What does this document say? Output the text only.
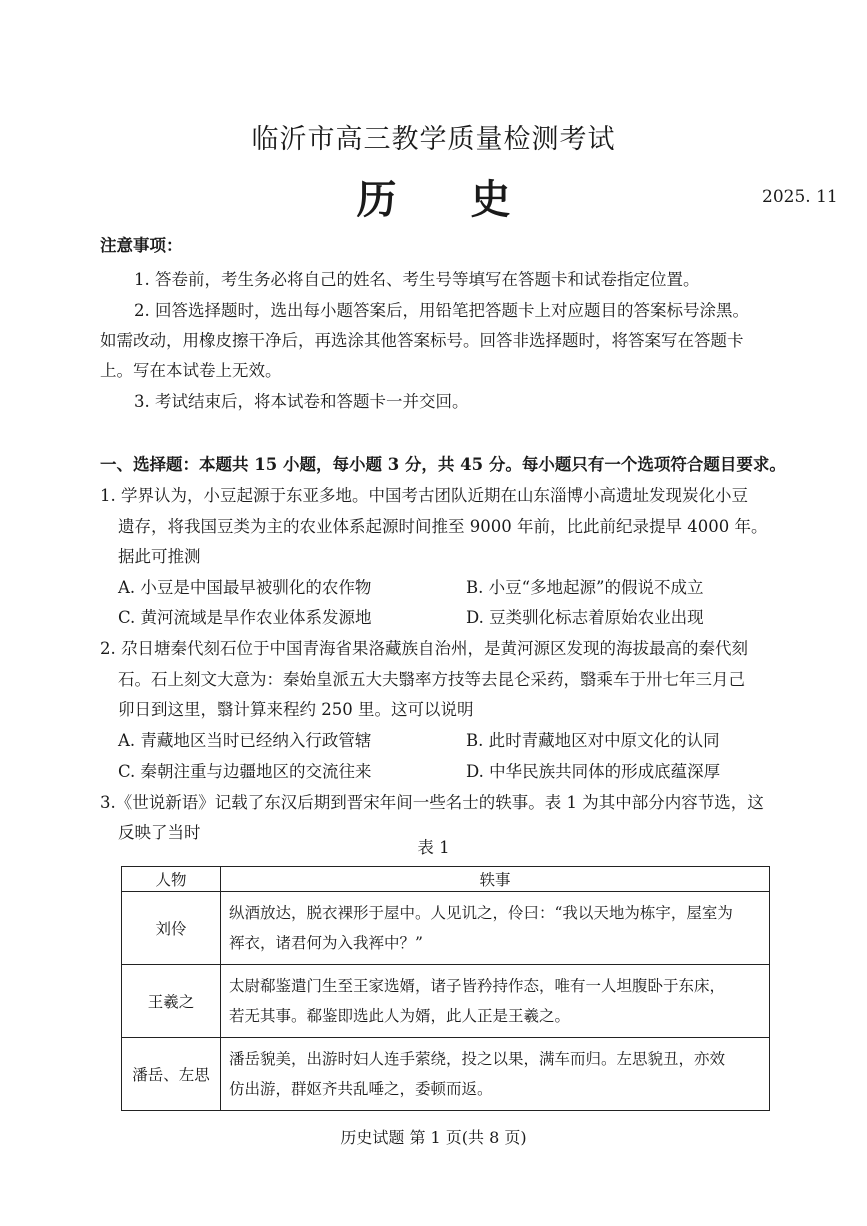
临沂市高三教学质量检测考试
历 史	2025. 11
注意事项：
1. 答卷前，考生务必将自己的姓名、考生号等填写在答题卡和试卷指定位置。
2. 回答选择题时，选出每小题答案后，用铅笔把答题卡上对应题目的答案标号涂黑。
如需改动，用橡皮擦干净后，再选涂其他答案标号。回答非选择题时，将答案写在答题卡
上。写在本试卷上无效。
3. 考试结束后，将本试卷和答题卡一并交回。
一、选择题：本题共 15 小题，每小题 3 分，共 45 分。每小题只有一个选项符合题目要求。
1. 学界认为，小豆起源于东亚多地。中国考古团队近期在山东淄博小高遗址发现炭化小豆
遗存，将我国豆类为主的农业体系起源时间推至 9000 年前，比此前纪录提早 4000 年。
据此可推测
A. 小豆是中国最早被驯化的农作物	B. 小豆“多地起源”的假说不成立
C. 黄河流域是旱作农业体系发源地	D. 豆类驯化标志着原始农业出现
2. 尕日塘秦代刻石位于中国青海省果洛藏族自治州，是黄河源区发现的海拔最高的秦代刻
石。石上刻文大意为：秦始皇派五大夫翳率方技等去昆仑采药，翳乘车于卅七年三月己
卯日到这里，翳计算来程约 250 里。这可以说明
A. 青藏地区当时已经纳入行政管辖	B. 此时青藏地区对中原文化的认同
C. 秦朝注重与边疆地区的交流往来	D. 中华民族共同体的形成底蕴深厚
3.《世说新语》记载了东汉后期到晋宋年间一些名士的轶事。表 1 为其中部分内容节选，这
反映了当时
表 1
人物	轶事
刘伶	纵酒放达，脱衣裸形于屋中。人见讥之，伶曰：“我以天地为栋宇，屋室为
裈衣，诸君何为入我裈中？”

王羲之	太尉郗鉴遣门生至王家选婿，诸子皆矜持作态，唯有一人坦腹卧于东床，
若无其事。郗鉴即选此人为婿，此人正是王羲之。

潘岳、左思	潘岳貌美，出游时妇人连手萦绕，投之以果，满车而归。左思貌丑，亦效
仿出游，群妪齐共乱唾之，委顿而返。
历史试题 第 1 页(共 8 页)
